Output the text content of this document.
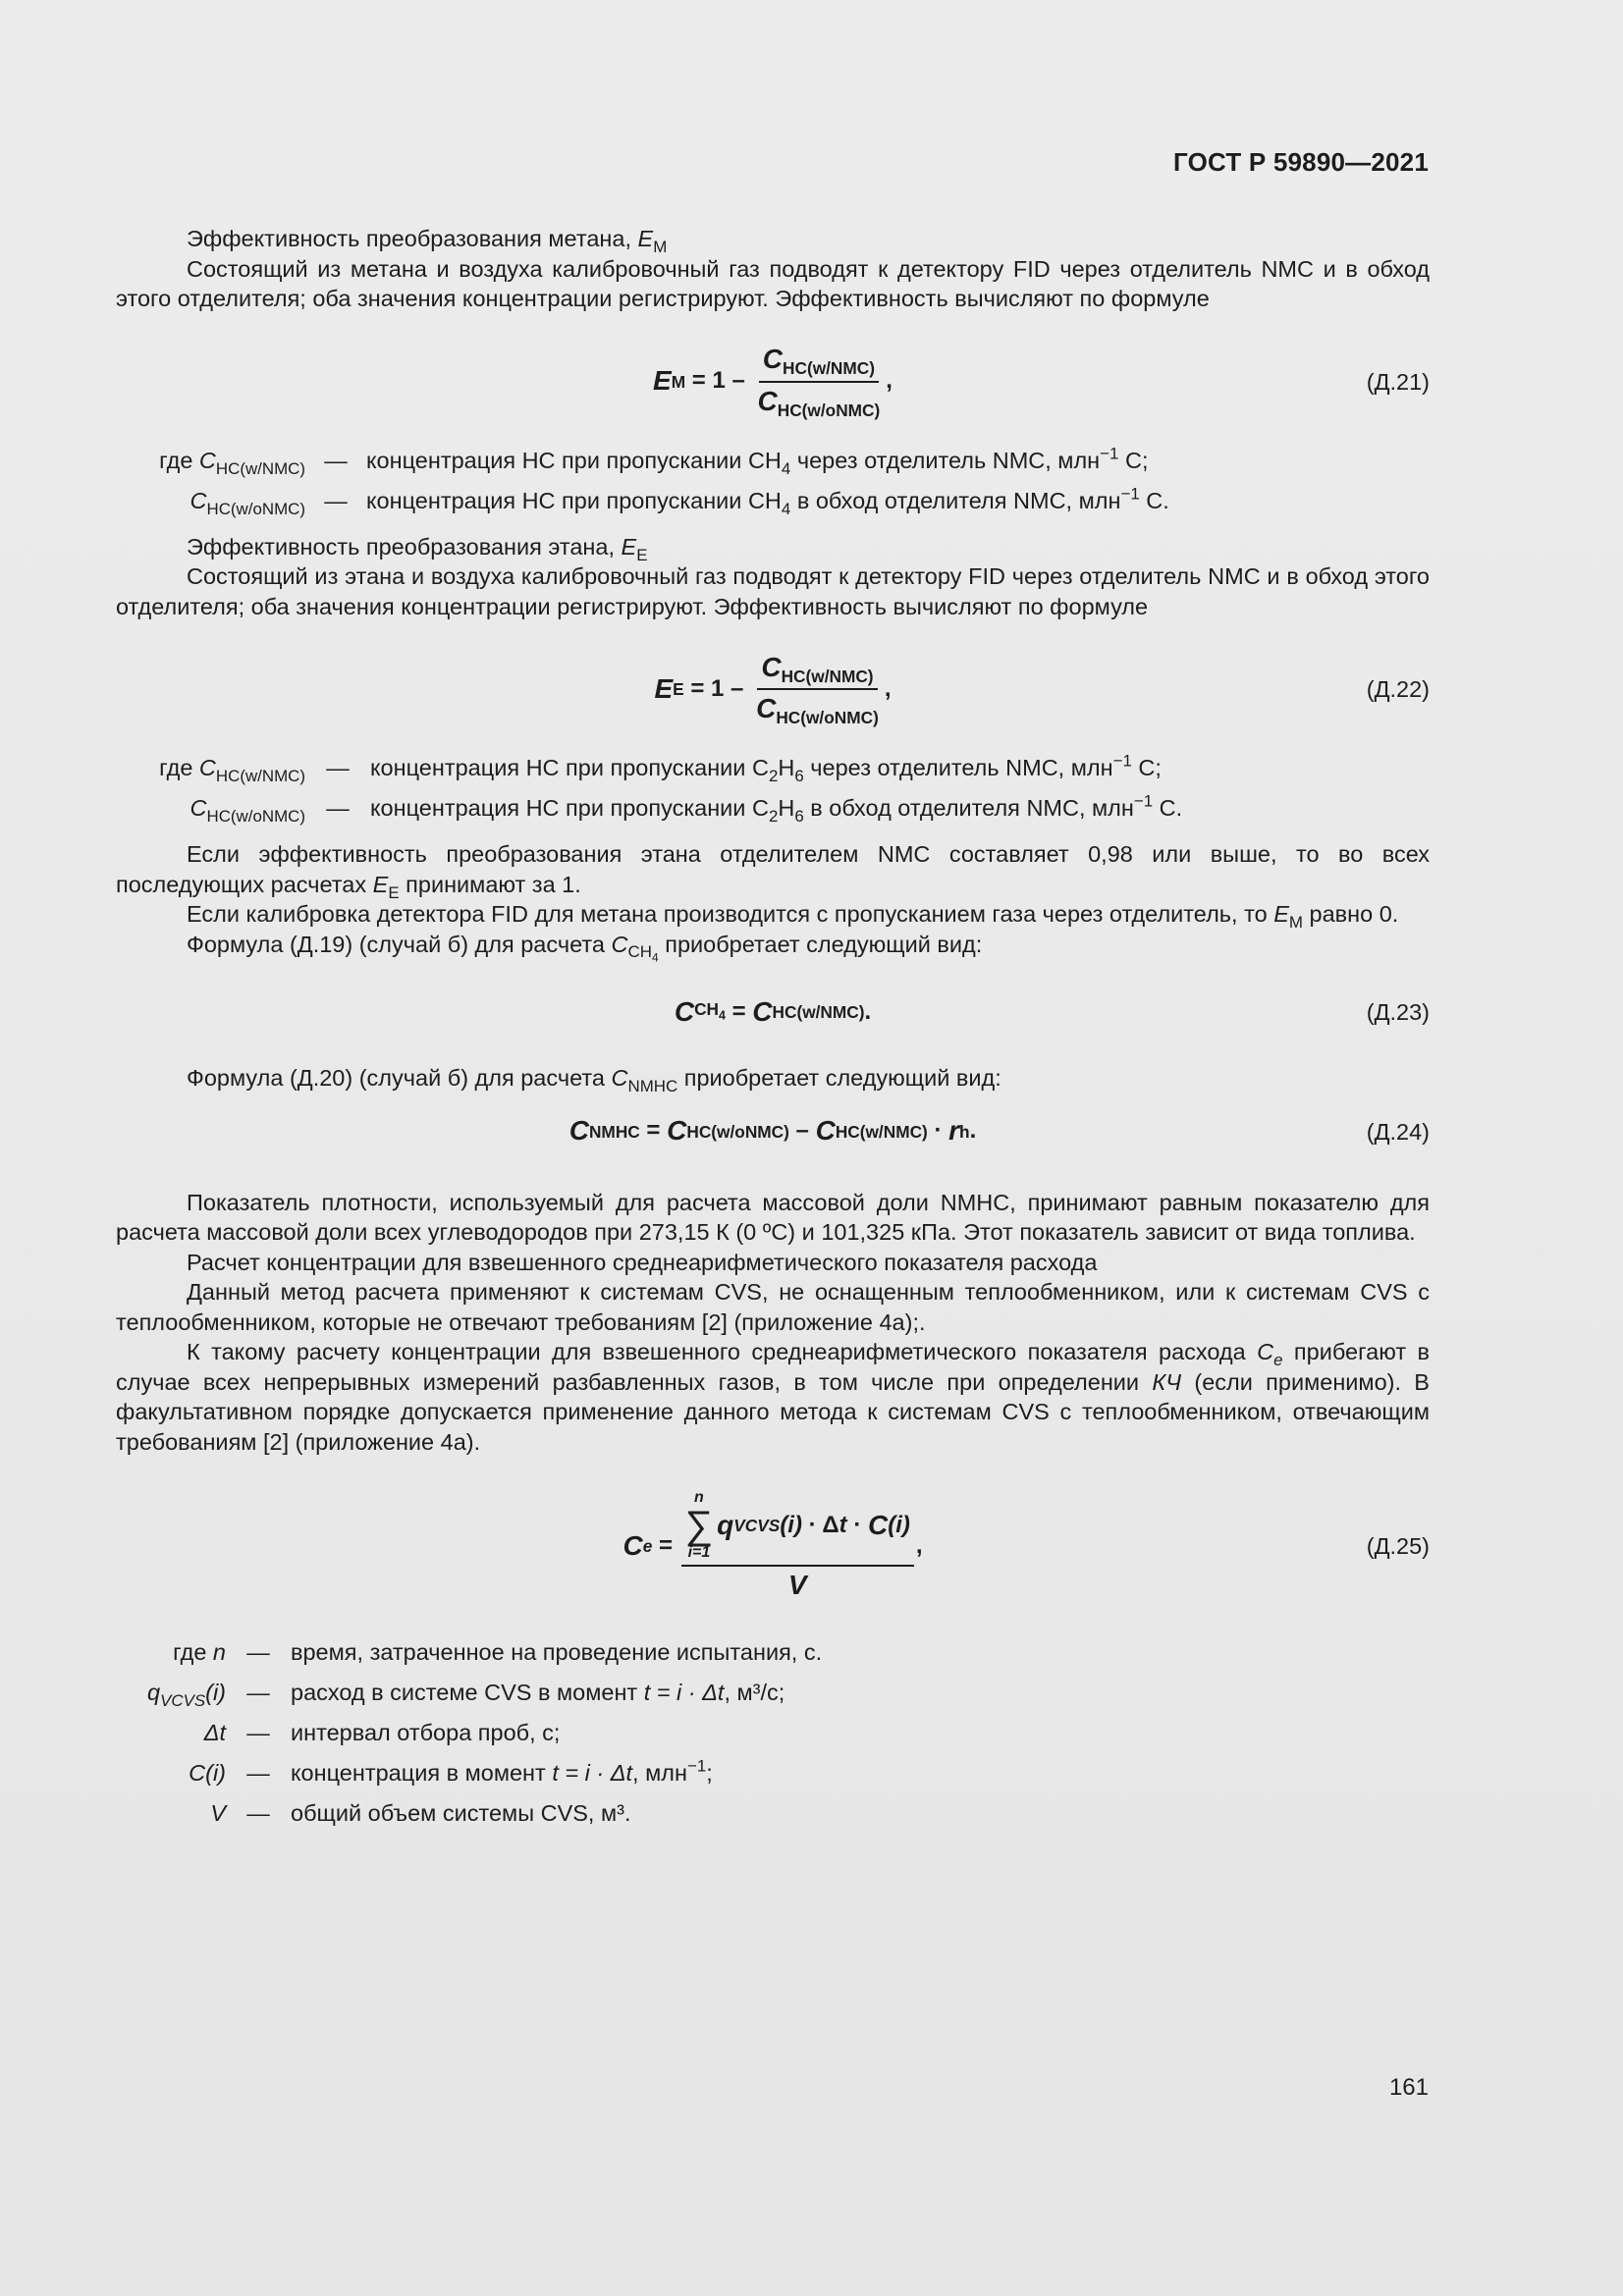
ГОСТ Р 59890—2021

Эффективность преобразования метана, $E_M$

Состоящий из метана и воздуха калибровочный газ подводят к детектору FID через отделитель NMC и в обход этого отделителя; оба значения концентрации регистрируют. Эффективность вычисляют по формуле

E $M = 1 - \frac{C_{HC(w/NMC)}}{C_{HC(w/oNMC)}}$ ,	(Д.21)
где $C_{HC(w/NMC)}$ — концентрация НС при пропускании $CH_4$ через отделитель NMC, млн$^{-1}$ С;
$C_{HC(w/oNMC)}$ — концентрация НС при пропускании $CH_4$ в обход отделителя NMC, млн$^{-1}$ С.

Эффективность преобразования этана, $E_E$

Состоящий из этана и воздуха калибровочный газ подводят к детектору FID через отделитель NMC и в обход этого отделителя; оба значения концентрации регистрируют. Эффективность вычисляют по формуле

E $E = 1 - \frac{C_{HC(w/NMC)}}{C_{HC(w/oNMC)}}$ ,	(Д.22)
где $C_{HC(w/NMC)}$ — концентрация НС при пропускании $C_2H_6$ через отделитель NMC, млн$^{-1}$ С;
$C_{HC(w/oNMC)}$ — концентрация НС при пропускании $C_2H_6$ в обход отделителя NMC, млн$^{-1}$ С.

Если эффективность преобразования этана отделителем NMC составляет 0,98 или выше, то во всех последующих расчетах $E_E$ принимают за 1.

Если калибровка детектора FID для метана производится с пропусканием газа через отделитель, то $E_M$ равно 0.

Формула (Д.19) (случай б) для расчета $C_{CH_4}$ приобретает следующий вид:

C $CH_4 = C$ HC(w/NMC) .	(Д.23)

Формула (Д.20) (случай б) для расчета $C_{NMHC}$ приобретает следующий вид:

C NMHC = C HC(w/oNMC) – C HC(w/NMC) · r h .	(Д.24)

Показатель плотности, используемый для расчета массовой доли NMHC, принимают равным показателю для расчета массовой доли всех углеводородов при 273,15 К (0 ºС) и 101,325 кПа. Этот показатель зависит от вида топлива.

Расчет концентрации для взвешенного среднеарифметического показателя расхода

Данный метод расчета применяют к системам CVS, не оснащенным теплообменником, или к системам CVS с теплообменником, которые не отвечают требованиям [2] (приложение 4а);.

К такому расчету концентрации для взвешенного среднеарифметического показателя расхода $C_e$ прибегают в случае всех непрерывных измерений разбавленных газов, в том числе при определении КЧ (если применимо). В факультативном порядке допускается применение данного метода к системам CVS с теплообменником, отвечающим требованиям [2] (приложение 4а).

C e =
n
∑
i=1
q VCVS (i) · Δ t · C (i)
V
,	(Д.25)
где n — время, затраченное на проведение испытания, с.
$q_{VCVS}(i)$ — расход в системе CVS в момент t = i · Δt, м³/с;
Δt — интервал отбора проб, с;
C(i) — концентрация в момент t = i · Δt, млн$^{-1}$;
V — общий объем системы CVS, м³.
161
